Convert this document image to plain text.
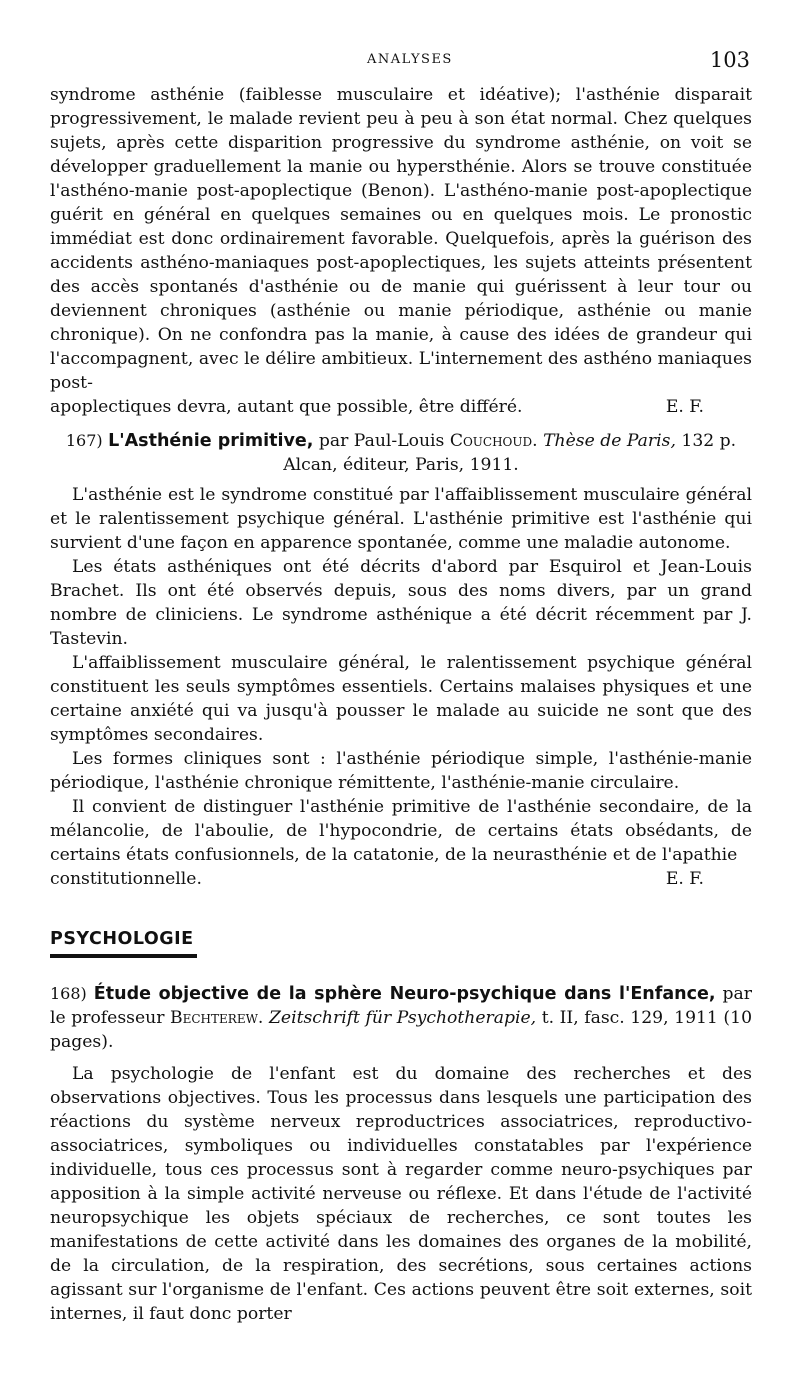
ANALYSES	103

syndrome asthénie (faiblesse musculaire et idéative); l'asthénie disparait progressivement, le malade revient peu à peu à son état normal. Chez quelques sujets, après cette disparition progressive du syndrome asthénie, on voit se développer graduellement la manie ou hypersthénie. Alors se trouve constituée l'asthéno-manie post-apoplectique (Benon). L'asthéno-manie post-apoplectique guérit en général en quelques semaines ou en quelques mois. Le pronostic immédiat est donc ordinairement favorable. Quelquefois, après la guérison des accidents asthéno-maniaques post-apoplectiques, les sujets atteints présentent des accès spontanés d'asthénie ou de manie qui guérissent à leur tour ou deviennent chroniques (asthénie ou manie périodique, asthénie ou manie chronique). On ne confondra pas la manie, à cause des idées de grandeur qui l'accompagnent, avec le délire ambitieux. L'internement des asthéno maniaques post-

apoplectiques devra, autant que possible, être différé.	E. F.
167) L'Asthénie primitive, par Paul-Louis Couchoud. Thèse de Paris, 132 p.
Alcan, éditeur, Paris, 1911.

L'asthénie est le syndrome constitué par l'affaiblissement musculaire général et le ralentissement psychique général. L'asthénie primitive est l'asthénie qui survient d'une façon en apparence spontanée, comme une maladie autonome.

Les états asthéniques ont été décrits d'abord par Esquirol et Jean-Louis Brachet. Ils ont été observés depuis, sous des noms divers, par un grand nombre de cliniciens. Le syndrome asthénique a été décrit récemment par J. Tastevin.

L'affaiblissement musculaire général, le ralentissement psychique général constituent les seuls symptômes essentiels. Certains malaises physiques et une certaine anxiété qui va jusqu'à pousser le malade au suicide ne sont que des symptômes secondaires.

Les formes cliniques sont : l'asthénie périodique simple, l'asthénie-manie périodique, l'asthénie chronique rémittente, l'asthénie-manie circulaire.

Il convient de distinguer l'asthénie primitive de l'asthénie secondaire, de la mélancolie, de l'aboulie, de l'hypocondrie, de certains états obsédants, de certains états confusionnels, de la catatonie, de la neurasthénie et de l'apathie

constitutionnelle.	E. F.
PSYCHOLOGIE
168) Étude objective de la sphère Neuro-psychique dans l'Enfance, par le professeur Bechterew. Zeitschrift für Psychotherapie, t. II, fasc. 129, 1911 (10 pages).

La psychologie de l'enfant est du domaine des recherches et des observations objectives. Tous les processus dans lesquels une participation des réactions du système nerveux reproductrices associatrices, reproductivo-associatrices, symboliques ou individuelles constatables par l'expérience individuelle, tous ces processus sont à regarder comme neuro-psychiques par apposition à la simple activité nerveuse ou réflexe. Et dans l'étude de l'activité neuropsychique les objets spéciaux de recherches, ce sont toutes les manifestations de cette activité dans les domaines des organes de la mobilité, de la circulation, de la respiration, des secrétions, sous certaines actions agissant sur l'organisme de l'enfant. Ces actions peuvent être soit externes, soit internes, il faut donc porter
